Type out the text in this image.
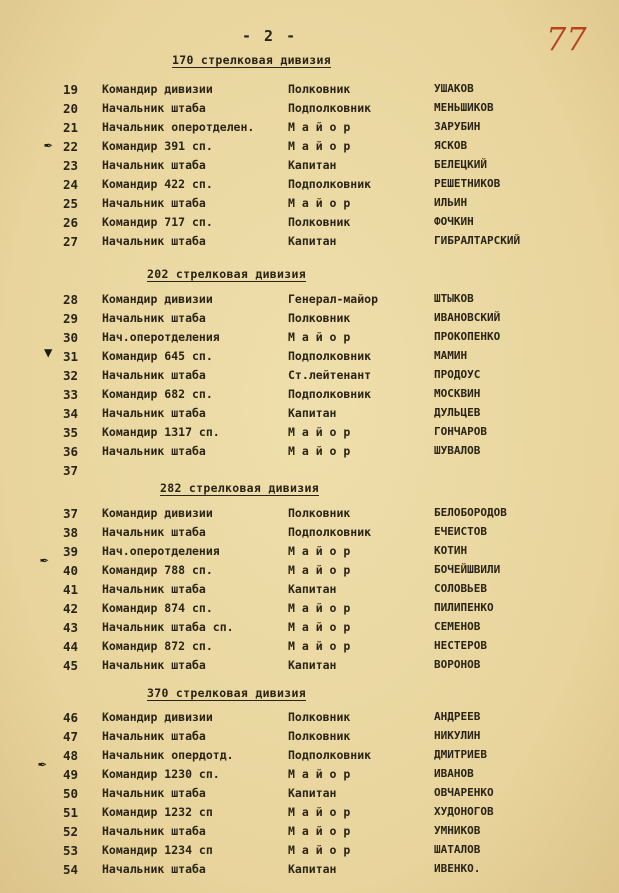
- 2 -	77
170 стрелковая дивизия
19	Командир дивизии	Полковник	УШАКОВ
20	Начальник штаба	Подполковник	МЕНЬШИКОВ
21	Начальник оперотделен.	М а й о р	ЗАРУБИН
22	Командир 391 сп.	М а й о р	ЯСКОВ
23	Начальник штаба	Капитан	БЕЛЕЦКИЙ
24	Командир 422 сп.	Подполковник	РЕШЕТНИКОВ
25	Начальник штаба	М а й о р	ИЛЬИН
26	Командир 717 сп.	Полковник	ФОЧКИН
27	Начальник штаба	Капитан	ГИБРАЛТАРСКИЙ
202 стрелковая дивизия
28	Командир дивизии	Генерал-майор	ШТЫКОВ
29	Начальник штаба	Полковник	ИВАНОВСКИЙ
30	Нач.оперотделения	М а й о р	ПРОКОПЕНКО
31	Командир 645 сп.	Подполковник	МАМИН
32	Начальник штаба	Ст.лейтенант	ПРОДОУС
33	Командир 682 сп.	Подполковник	МОСКВИН
34	Начальник штаба	Капитан	ДУЛЬЦЕВ
35	Командир 1317 сп.	М а й о р	ГОНЧАРОВ
36	Начальник штаба	М а й о р	ШУВАЛОВ
37
282 стрелковая дивизия
37	Командир дивизии	Полковник	БЕЛОБОРОДОВ
38	Начальник штаба	Подполковник	ЕЧЕИСТОВ
39	Нач.оперотделения	М а й о р	КОТИН
40	Командир 788 сп.	М а й о р	БОЧЕЙШВИЛИ
41	Начальник штаба	Капитан	СОЛОВЬЕВ
42	Командир 874 сп.	М а й о р	ПИЛИПЕНКО
43	Начальник штаба сп.	М а й о р	СЕМЕНОВ
44	Командир 872 сп.	М а й о р	НЕСТЕРОВ
45	Начальник штаба	Капитан	ВОРОНОВ
370 стрелковая дивизия
46	Командир дивизии	Полковник	АНДРЕЕВ
47	Начальник штаба	Полковник	НИКУЛИН
48	Начальник опердотд.	Подполковник	ДМИТРИЕВ
49	Командир 1230 сп.	М а й о р	ИВАНОВ
50	Начальник штаба	Капитан	ОВЧАРЕНКО
51	Командир 1232 сп	М а й о р	ХУДОНОГОВ
52	Начальник штаба	М а й о р	УМНИКОВ
53	Командир 1234 сп	М а й о р	ШАТАЛОВ
54	Начальник штаба	Капитан	ИВЕНКО.
✒
▼
✒
✒
